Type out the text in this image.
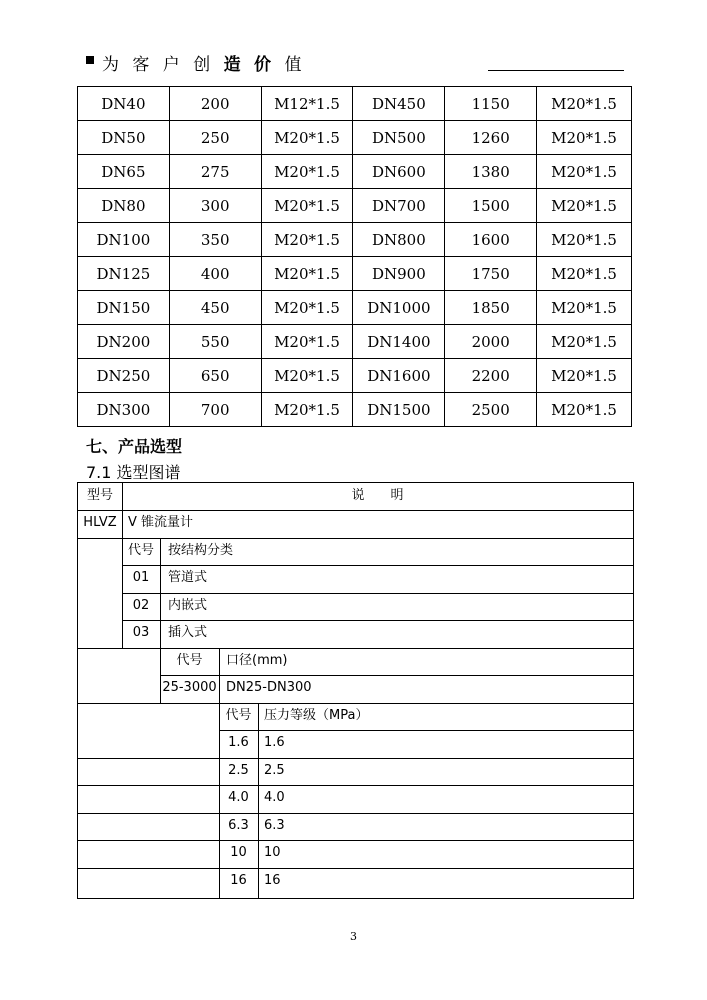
为 客 户 创 造 价 值
DN40	200	M12*1.5	DN450	1150	M20*1.5
DN50	250	M20*1.5	DN500	1260	M20*1.5
DN65	275	M20*1.5	DN600	1380	M20*1.5
DN80	300	M20*1.5	DN700	1500	M20*1.5
DN100	350	M20*1.5	DN800	1600	M20*1.5
DN125	400	M20*1.5	DN900	1750	M20*1.5
DN150	450	M20*1.5	DN1000	1850	M20*1.5
DN200	550	M20*1.5	DN1400	2000	M20*1.5
DN250	650	M20*1.5	DN1600	2200	M20*1.5
DN300	700	M20*1.5	DN1500	2500	M20*1.5
七、产品选型
7.1 选型图谱
型号	说　　明
HLVZ V 锥流量计
代号	按结构分类
01	管道式
02	内嵌式
03	插入式
代号	口径(mm)
25-3000 DN25-DN300
代号 压力等级（MPa）
1.6	1.6
2.5	2.5
4.0	4.0
6.3	6.3
10	10
16	16
3
